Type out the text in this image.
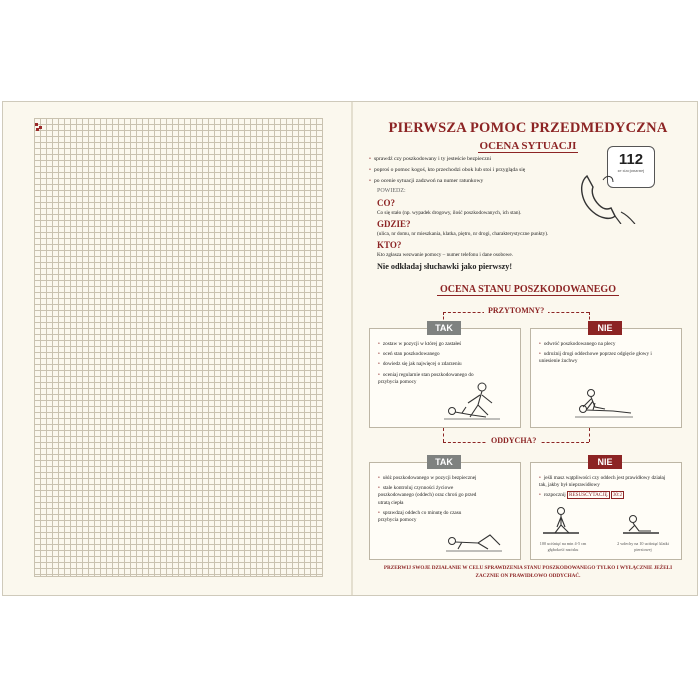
PIERWSZA POMOC PRZEDMEDYCZNA
OCENA SYTUACJI
• sprawdź czy poszkodowany i ty jesteście bezpieczni
• poproś o pomoc kogoś, kto przechodzi obok lub stoi i przygląda się
• po ocenie sytuacji zadzwoń na numer ratunkowy
112
ze stacjonarnej
POWIEDZ:
CO?
Co się stało (np. wypadek drogowy, ilość poszkodowanych, ich stan).
GDZIE?
(ulica, nr domu, nr mieszkania, klatka, piętro, nr drogi, charakterystyczne punkty).
KTO?
Kto zgłasza wezwanie pomocy – numer telefonu i dane osobowe.
Nie odkładaj słuchawki jako pierwszy!
OCENA STANU POSZKODOWANEGO
PRZYTOMNY?
TAK
• zostaw w pozycji w której go zastałeś
• oceń stan poszkodowanego
• dowiedz się jak najwięcej o zdarzeniu
• oceniaj regularnie stan poszkodowanego do przybycia pomocy
NIE
• odwróć poszkodowanego na plecy
• udrożnij drogi oddechowe poprzez odgięcie głowy i uniesienie żuchwy
ODDYCHA?
TAK
• ułóż poszkodowanego w pozycji bezpiecznej
• stale kontroluj czynności życiowe poszkodowanego (oddech) oraz chroń go przed utratą ciepła
• sprawdzaj oddech co minutę do czasu przybycia pomocy
NIE
• jeśli masz wątpliwości czy oddech jest prawidłowy działaj tak, jakby był nieprawidłowy
• rozpocznij RESUSCYTACJĘ 30:2
100 uciśnięć na min 4-5 cm głębokość nacisku
2 wdechy na 10 uciśnięć klatki piersiowej
PRZERWIJ SWOJE DZIAŁANIE W CELU SPRAWDZENIA STANU POSZKODOWANEGO TYLKO I WYŁĄCZNIE JEŻELI ZACZNIE ON PRAWIDŁOWO ODDYCHAĆ.
